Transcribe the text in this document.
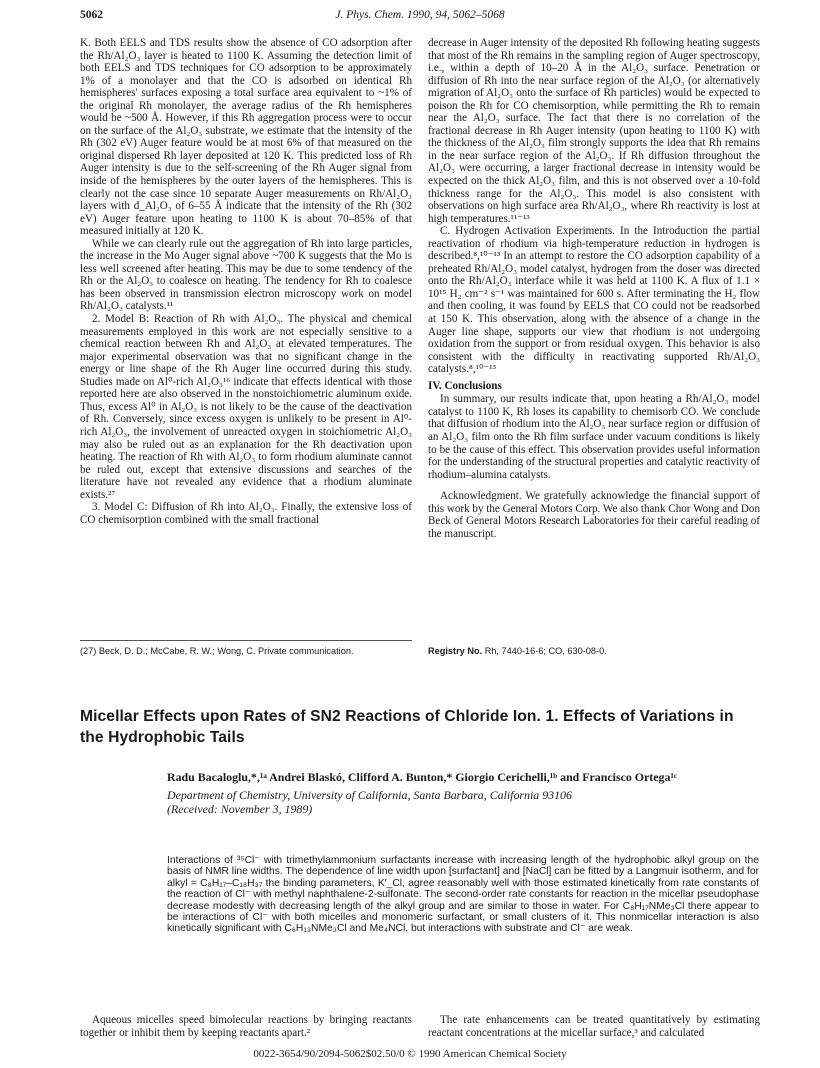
5062	J. Phys. Chem. 1990, 94, 5062–5068

K. Both EELS and TDS results show the absence of CO adsorption after the Rh/Al₂O₃ layer is heated to 1100 K. Assuming the detection limit of both EELS and TDS techniques for CO adsorption to be approximately 1% of a monolayer and that the CO is adsorbed on identical Rh hemispheres' surfaces exposing a total surface area equivalent to ~1% of the original Rh monolayer, the average radius of the Rh hemispheres would be ~500 Å. However, if this Rh aggregation process were to occur on the surface of the Al₂O₃ substrate, we estimate that the intensity of the Rh (302 eV) Auger feature would be at most 6% of that measured on the original dispersed Rh layer deposited at 120 K. This predicted loss of Rh Auger intensity is due to the self-screening of the Rh Auger signal from inside of the hemispheres by the outer layers of the hemispheres. This is clearly not the case since 10 separate Auger measurements on Rh/Al₂O₃ layers with d_Al₂O₃ of 6–55 Å indicate that the intensity of the Rh (302 eV) Auger feature upon heating to 1100 K is about 70–85% of that measured initially at 120 K.

While we can clearly rule out the aggregation of Rh into large particles, the increase in the Mo Auger signal above ~700 K suggests that the Mo is less well screened after heating. This may be due to some tendency of the Rh or the Al₂O₃ to coalesce on heating. The tendency for Rh to coalesce has been observed in transmission electron microscopy work on model Rh/Al₂O₃ catalysts.¹¹

2. Model B: Reaction of Rh with Al₂O₃. The physical and chemical measurements employed in this work are not especially sensitive to a chemical reaction between Rh and Al₂O₃ at elevated temperatures. The major experimental observation was that no significant change in the energy or line shape of the Rh Auger line occurred during this study. Studies made on Al⁰-rich Al₂O₃¹⁶ indicate that effects identical with those reported here are also observed in the nonstoichiometric aluminum oxide. Thus, excess Al⁰ in Al₂O₃ is not likely to be the cause of the deactivation of Rh. Conversely, since excess oxygen is unlikely to be present in Al⁰-rich Al₂O₃, the involvement of unreacted oxygen in stoichiometric Al₂O₃ may also be ruled out as an explanation for the Rh deactivation upon heating. The reaction of Rh with Al₂O₃ to form rhodium aluminate cannot be ruled out, except that extensive discussions and searches of the literature have not revealed any evidence that a rhodium aluminate exists.²⁷

3. Model C: Diffusion of Rh into Al₂O₃. Finally, the extensive loss of CO chemisorption combined with the small fractional

decrease in Auger intensity of the deposited Rh following heating suggests that most of the Rh remains in the sampling region of Auger spectroscopy, i.e., within a depth of 10–20 Å in the Al₂O₃ surface. Penetration or diffusion of Rh into the near surface region of the Al₂O₃ (or alternatively migration of Al₂O₃ onto the surface of Rh particles) would be expected to poison the Rh for CO chemisorption, while permitting the Rh to remain near the Al₂O₃ surface. The fact that there is no correlation of the fractional decrease in Rh Auger intensity (upon heating to 1100 K) with the thickness of the Al₂O₃ film strongly supports the idea that Rh remains in the near surface region of the Al₂O₃. If Rh diffusion throughout the Al₂O₃ were occurring, a larger fractional decrease in intensity would be expected on the thick Al₂O₃ film, and this is not observed over a 10-fold thickness range for the Al₂O₃. This model is also consistent with observations on high surface area Rh/Al₂O₃, where Rh reactivity is lost at high temperatures.¹¹⁻¹³

C. Hydrogen Activation Experiments. In the Introduction the partial reactivation of rhodium via high-temperature reduction in hydrogen is described.⁸,¹⁰⁻¹³ In an attempt to restore the CO adsorption capability of a preheated Rh/Al₂O₃ model catalyst, hydrogen from the doser was directed onto the Rh/Al₂O₃ interface while it was held at 1100 K. A flux of 1.1 × 10¹⁵ H₂ cm⁻² s⁻¹ was maintained for 600 s. After terminating the H₂ flow and then cooling, it was found by EELS that CO could not be readsorbed at 150 K. This observation, along with the absence of a change in the Auger line shape, supports our view that rhodium is not undergoing oxidation from the support or from residual oxygen. This behavior is also consistent with the difficulty in reactivating supported Rh/Al₂O₃ catalysts.⁸,¹⁰⁻¹³

IV. Conclusions

In summary, our results indicate that, upon heating a Rh/Al₂O₃ model catalyst to 1100 K, Rh loses its capability to chemisorb CO. We conclude that diffusion of rhodium into the Al₂O₃ near surface region or diffusion of an Al₂O₃ film onto the Rh film surface under vacuum conditions is likely to be the cause of this effect. This observation provides useful information for the understanding of the structural properties and catalytic reactivity of rhodium–alumina catalysts.

Acknowledgment. We gratefully acknowledge the financial support of this work by the General Motors Corp. We also thank Chor Wong and Don Beck of General Motors Research Laboratories for their careful reading of the manuscript.

(27) Beck, D. D.; McCabe, R. W.; Wong, C. Private communication.	Registry No. Rh, 7440-16-6; CO, 630-08-0.
Micellar Effects upon Rates of SN2 Reactions of Chloride Ion. 1. Effects of Variations in the Hydrophobic Tails
Radu Bacaloglu,*,¹ᵃ Andrei Blaskó, Clifford A. Bunton,* Giorgio Cerichelli,¹ᵇ and Francisco Ortega¹ᶜ
Department of Chemistry, University of California, Santa Barbara, California 93106
(Received: November 3, 1989)
Interactions of ³⁵Cl⁻ with trimethylammonium surfactants increase with increasing length of the hydrophobic alkyl group on the basis of NMR line widths. The dependence of line width upon [surfactant] and [NaCl] can be fitted by a Langmuir isotherm, and for alkyl = C₈H₁₇–C₁₈H₃₇ the binding parameters, K′_Cl, agree reasonably well with those estimated kinetically from rate constants of the reaction of Cl⁻ with methyl naphthalene-2-sulfonate. The second-order rate constants for reaction in the micellar pseudophase decrease modestly with decreasing length of the alkyl group and are similar to those in water. For C₈H₁₇NMe₃Cl there appear to be interactions of Cl⁻ with both micelles and monomeric surfactant, or small clusters of it. This nonmicellar interaction is also kinetically significant with C₆H₁₃NMe₃Cl and Me₄NCl, but interactions with substrate and Cl⁻ are weak.
Aqueous micelles speed bimolecular reactions by bringing reactants together or inhibit them by keeping reactants apart.²
The rate enhancements can be treated quantitatively by estimating reactant concentrations at the micellar surface,³ and calculated
0022-3654/90/2094-5062$02.50/0 © 1990 American Chemical Society
